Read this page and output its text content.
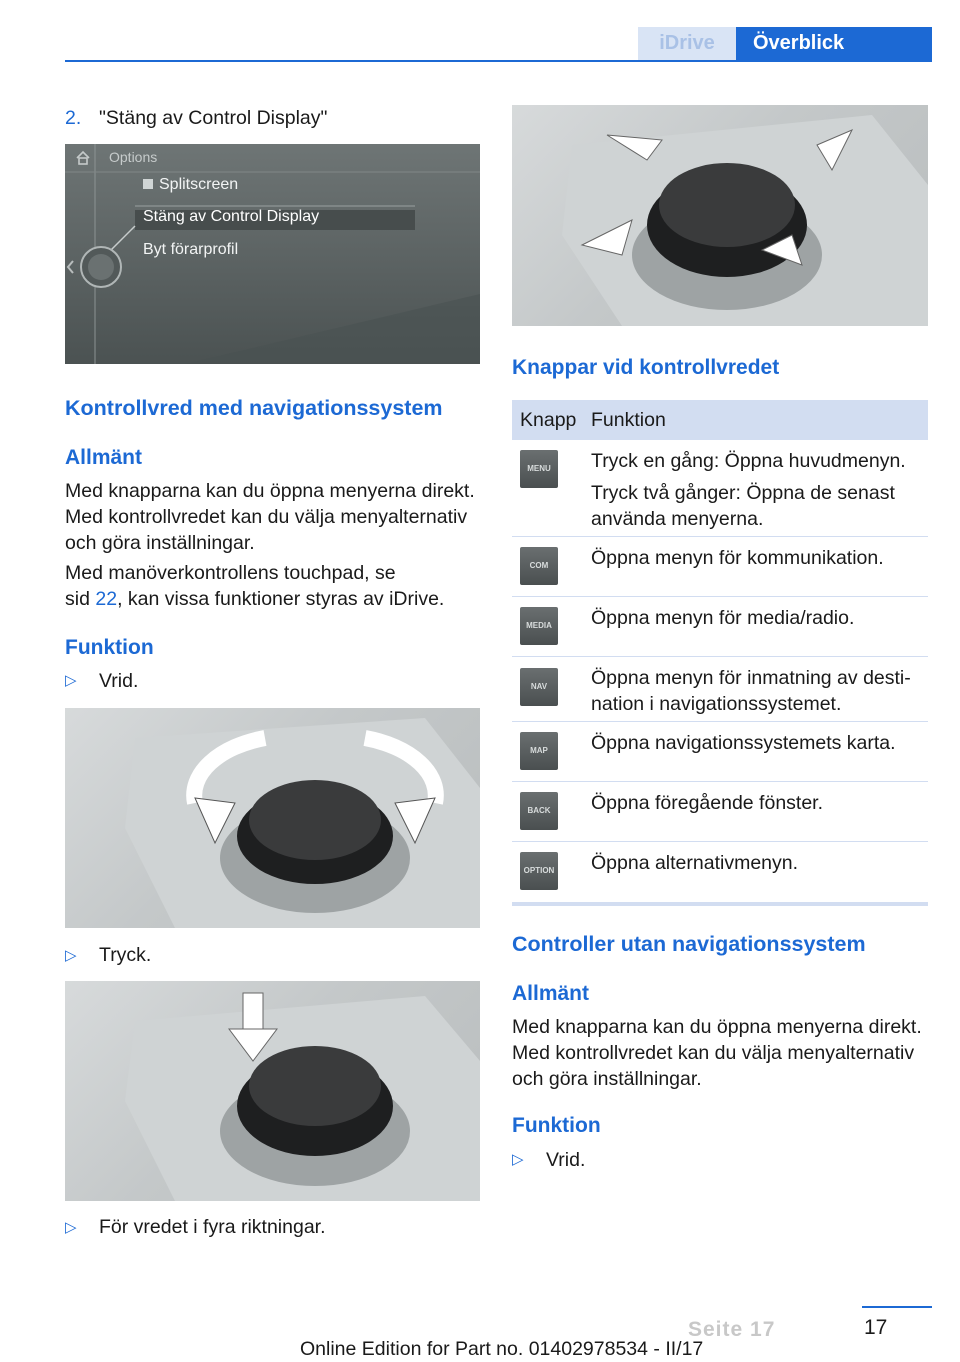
iDrive	Överblick
2. "Stäng av Control Display"
Options
Splitscreen
Stäng av Control Display
Byt förarprofil
Kontrollvred med navigationssystem
Allmänt
Med knapparna kan du öppna menyerna direkt.
Med kontrollvredet kan du välja menyalternativ
och göra inställningar.
Med manöverkontrollens touchpad, se
sid 22, kan vissa funktioner styras av iDrive.
Funktion
▷ Vrid.
▷ Tryck.
▷ För vredet i fyra riktningar.
Knappar vid kontrollvredet
Knapp Funktion
MENU	Tryck en gång: Öppna huvudmenyn.
Tryck två gånger: Öppna de senast
använda menyerna.
COM	Öppna menyn för kommunikation.
MEDIA	Öppna menyn för media/radio.
NAV	Öppna menyn för inmatning av desti‐
nation i navigationssystemet.
MAP	Öppna navigationssystemets karta.
BACK	Öppna föregående fönster.
OPTION Öppna alternativmenyn.
Controller utan navigationssystem
Allmänt
Med knapparna kan du öppna menyerna direkt.
Med kontrollvredet kan du välja menyalternativ
och göra inställningar.
Funktion
▷ Vrid.
17
Seite 17
Online Edition for Part no. 01402978534 - II/17
